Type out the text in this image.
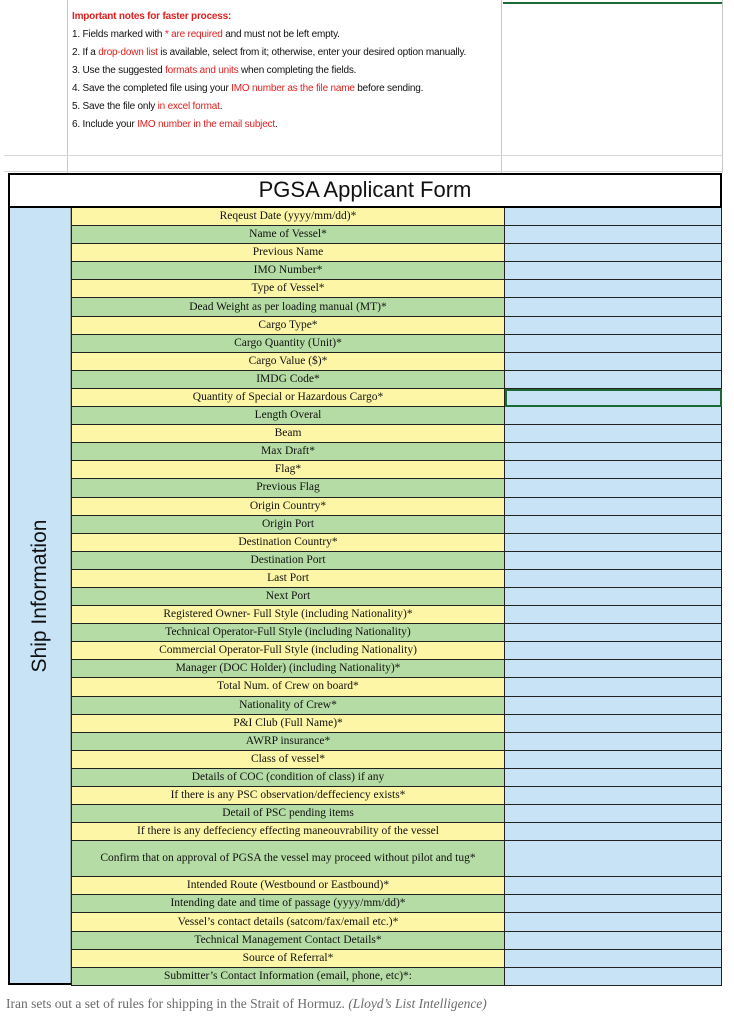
Important notes for faster process:
1. Fields marked with * are required and must not be left empty.
2. If a drop-down list is available, select from it; otherwise, enter your desired option manually.
3. Use the suggested formats and units when completing the fields.
4. Save the completed file using your IMO number as the file name before sending.
5. Save the file only in excel format.
6. Include your IMO number in the email subject.
PGSA Applicant Form
Ship Information
Reqeust Date (yyyy/mm/dd)*
Name of Vessel*
Previous Name
IMO Number*
Type of Vessel*
Dead Weight as per loading manual (MT)*
Cargo Type*
Cargo Quantity (Unit)*
Cargo Value ($)*
IMDG Code*
Quantity of Special or Hazardous Cargo*
Length Overal
Beam
Max Draft*
Flag*
Previous Flag
Origin Country*
Origin Port
Destination Country*
Destination Port
Last Port
Next Port
Registered Owner- Full Style (including Nationality)*
Technical Operator-Full Style (including Nationality)
Commercial Operator-Full Style (including Nationality)
Manager (DOC Holder) (including Nationality)*
Total Num. of Crew on board*
Nationality of Crew*
P&I Club (Full Name)*
AWRP insurance*
Class of vessel*
Details of COC (condition of class) if any
If there is any PSC observation/deffeciency exists*
Detail of PSC pending items
If there is any deffeciency effecting maneouvrability of the vessel
Confirm that on approval of PGSA the vessel may proceed without pilot and tug*
Intended Route (Westbound or Eastbound)*
Intending date and time of passage (yyyy/mm/dd)*
Vessel’s contact details (satcom/fax/email etc.)*
Technical Management Contact Details*
Source of Referral*
Submitter’s Contact Information (email, phone, etc)*:
Iran sets out a set of rules for shipping in the Strait of Hormuz. (Lloyd’s List Intelligence)
